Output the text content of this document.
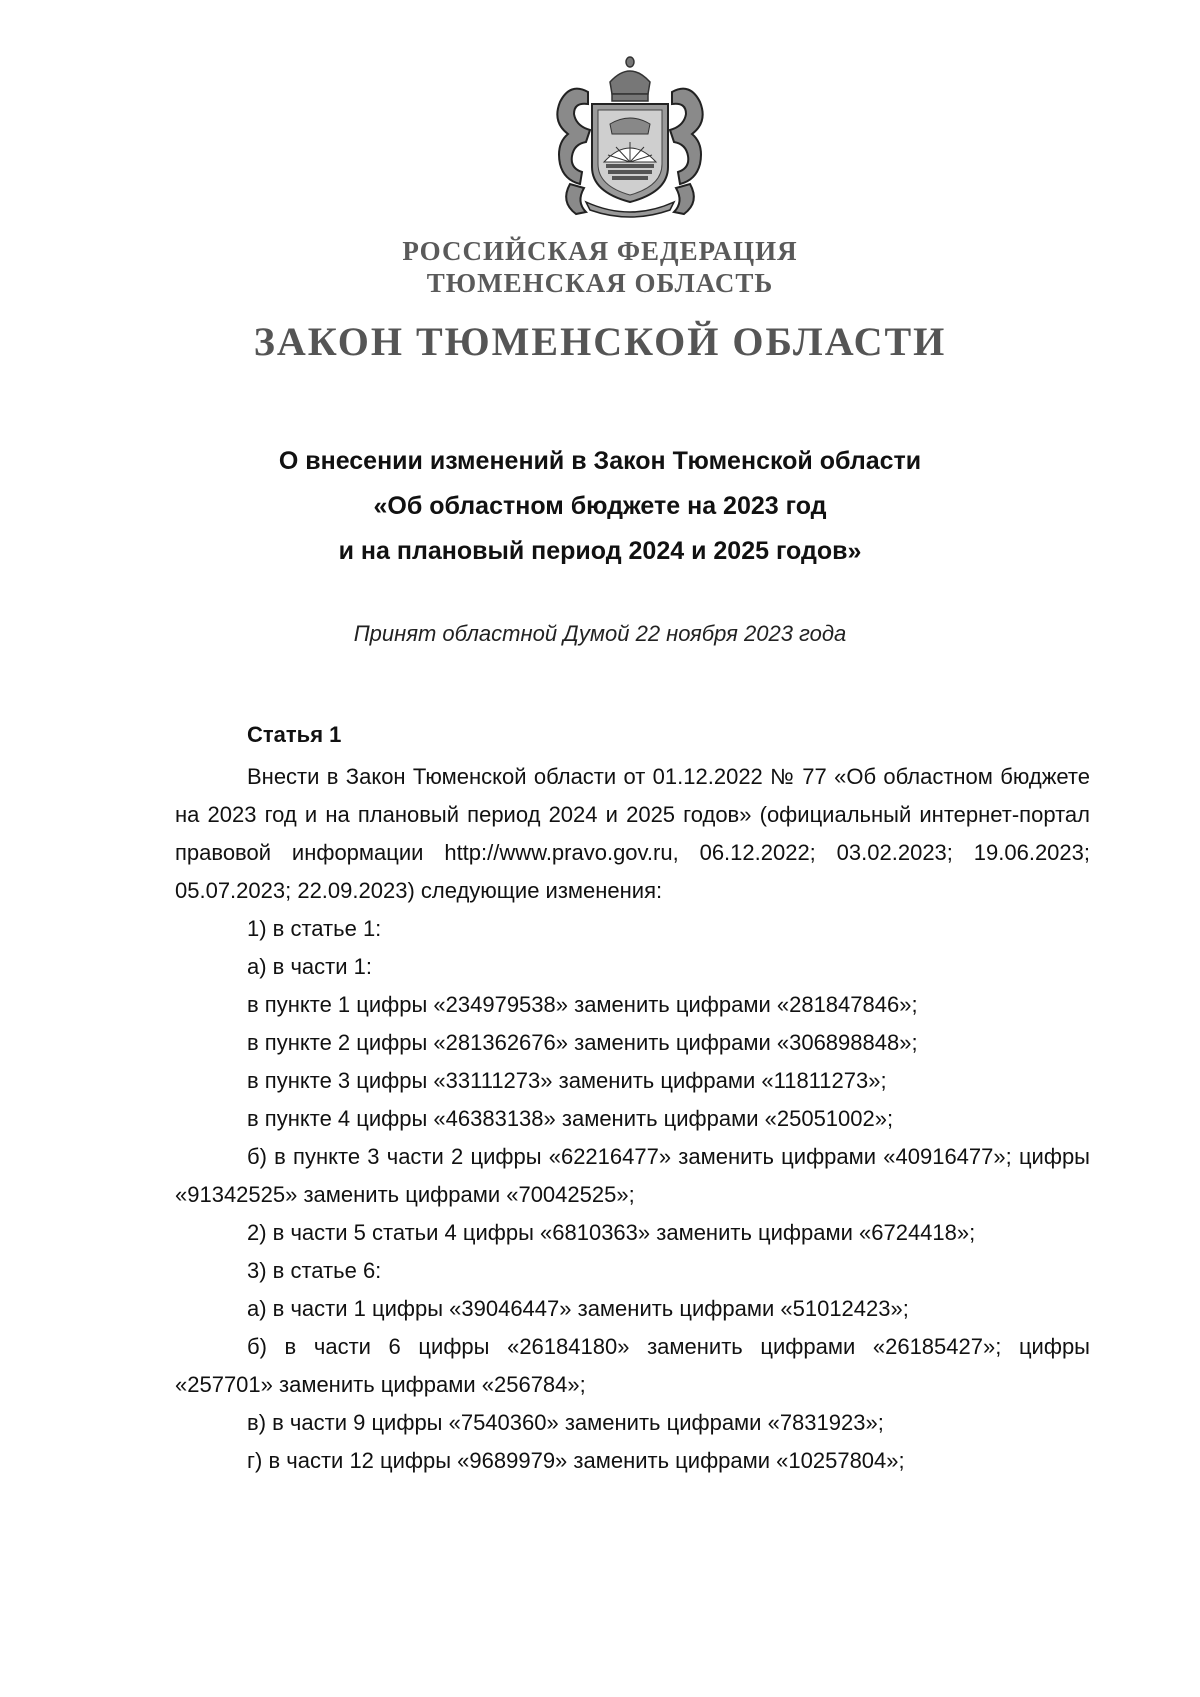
РОССИЙСКАЯ ФЕДЕРАЦИЯ
ТЮМЕНСКАЯ ОБЛАСТЬ
ЗАКОН ТЮМЕНСКОЙ ОБЛАСТИ
О внесении изменений в Закон Тюменской области
«Об областном бюджете на 2023 год
и на плановый период 2024 и 2025 годов»
Принят областной Думой 22 ноября 2023 года
Статья 1

Внести в Закон Тюменской области от 01.12.2022 № 77 «Об областном бюджете на 2023 год и на плановый период 2024 и 2025 годов» (официальный интернет-портал правовой информации http://www.pravo.gov.ru, 06.12.2022; 03.02.2023; 19.06.2023; 05.07.2023; 22.09.2023) следующие изменения:

1) в статье 1:

а) в части 1:

в пункте 1 цифры «234979538» заменить цифрами «281847846»;

в пункте 2 цифры «281362676» заменить цифрами «306898848»;

в пункте 3 цифры «33111273» заменить цифрами «11811273»;

в пункте 4 цифры «46383138» заменить цифрами «25051002»;

б) в пункте 3 части 2 цифры «62216477» заменить цифрами «40916477»; цифры «91342525» заменить цифрами «70042525»;

2) в части 5 статьи 4 цифры «6810363» заменить цифрами «6724418»;

3) в статье 6:

а) в части 1 цифры «39046447» заменить цифрами «51012423»;

б) в части 6 цифры «26184180» заменить цифрами «26185427»; цифры «257701» заменить цифрами «256784»;

в) в части 9 цифры «7540360» заменить цифрами «7831923»;

г) в части 12 цифры «9689979» заменить цифрами «10257804»;
